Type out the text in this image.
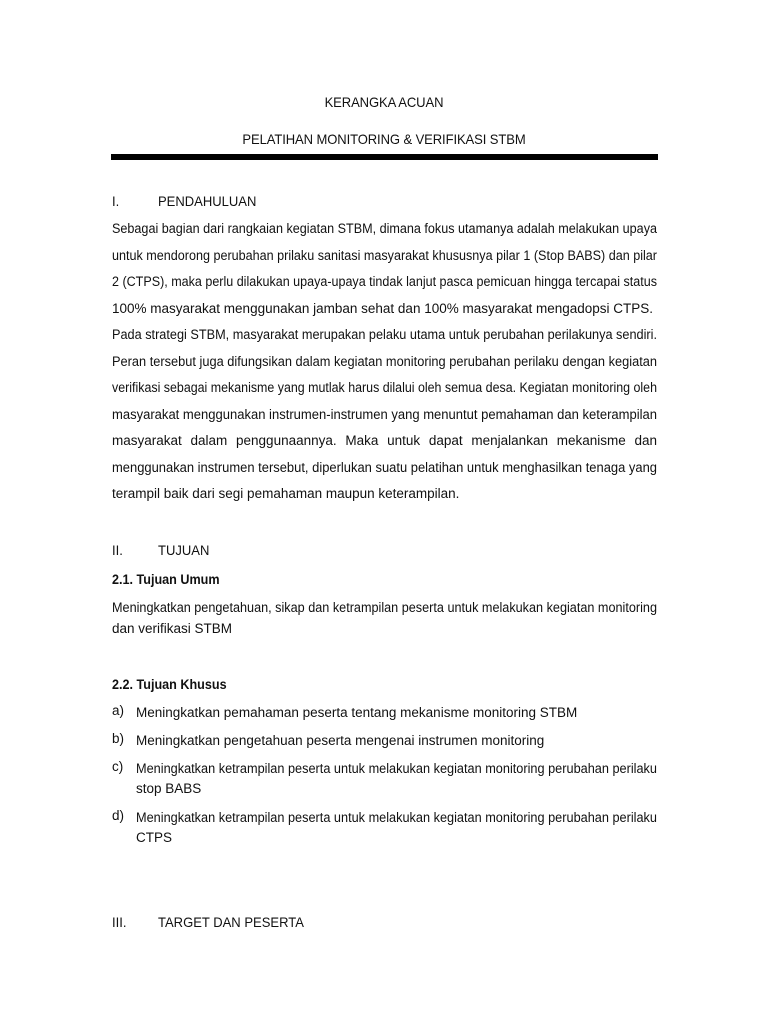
KERANGKA ACUAN
PELATIHAN MONITORING & VERIFIKASI STBM
I.	PENDAHULUAN
Sebagai bagian dari rangkaian kegiatan STBM, dimana fokus utamanya adalah melakukan upaya
untuk mendorong perubahan prilaku sanitasi masyarakat khususnya pilar 1 (Stop BABS) dan pilar
2 (CTPS), maka perlu dilakukan upaya-upaya tindak lanjut pasca pemicuan hingga tercapai status
100% masyarakat menggunakan jamban sehat dan 100% masyarakat mengadopsi CTPS.
Pada strategi STBM, masyarakat merupakan pelaku utama untuk perubahan perilakunya sendiri.
Peran tersebut juga difungsikan dalam kegiatan monitoring perubahan perilaku dengan kegiatan
verifikasi sebagai mekanisme yang mutlak harus dilalui oleh semua desa. Kegiatan monitoring oleh
masyarakat menggunakan instrumen-instrumen yang menuntut pemahaman dan keterampilan
masyarakat dalam penggunaannya. Maka untuk dapat menjalankan mekanisme dan
menggunakan instrumen tersebut, diperlukan suatu pelatihan untuk menghasilkan tenaga yang
terampil baik dari segi pemahaman maupun keterampilan.
II.	TUJUAN
2.1. Tujuan Umum
Meningkatkan pengetahuan, sikap dan ketrampilan peserta untuk melakukan kegiatan monitoring
dan verifikasi STBM
2.2. Tujuan Khusus
a) Meningkatkan pemahaman peserta tentang mekanisme monitoring STBM
b) Meningkatkan pengetahuan peserta mengenai instrumen monitoring
c) Meningkatkan ketrampilan peserta untuk melakukan kegiatan monitoring perubahan perilaku
stop BABS
d) Meningkatkan ketrampilan peserta untuk melakukan kegiatan monitoring perubahan perilaku
CTPS
III. TARGET DAN PESERTA
